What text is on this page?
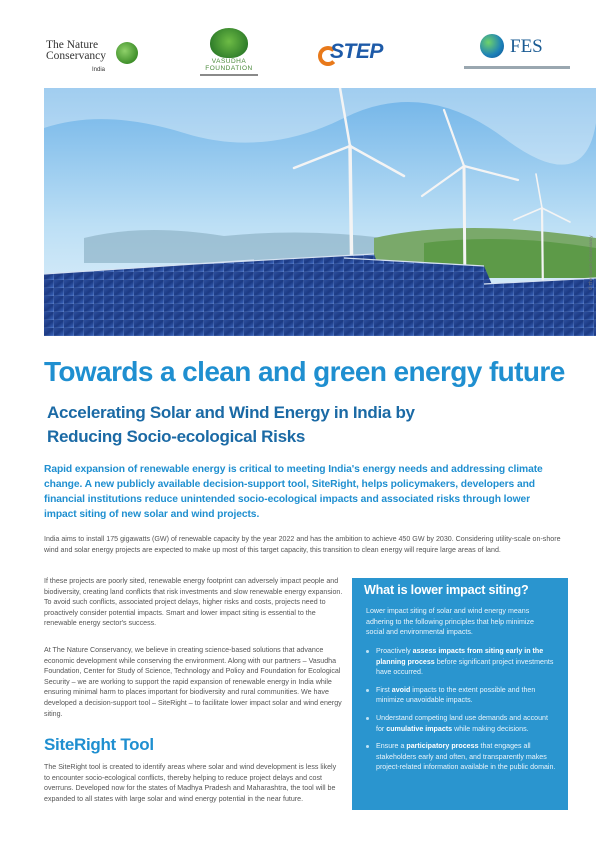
The Nature Conservancy
India
VASUDHA FOUNDATION
STEP	FES
© The Nature Conservancy
Towards a clean and green energy future
Accelerating Solar and Wind Energy in India by Reducing Socio-ecological Risks

Rapid expansion of renewable energy is critical to meeting India's energy needs and addressing climate change. A new publicly available decision-support tool, SiteRight, helps policymakers, developers and financial institutions reduce unintended socio-ecological impacts and associated risks through lower impact siting of new solar and wind projects.

India aims to install 175 gigawatts (GW) of renewable capacity by the year 2022 and has the ambition to achieve 450 GW by 2030. Considering utility-scale on-shore wind and solar energy projects are expected to make up most of this target capacity, this transition to clean energy will require large areas of land.

If these projects are poorly sited, renewable energy footprint can adversely impact people and biodiversity, creating land conflicts that risk investments and slow renewable energy expansion. To avoid such conflicts, associated project delays, higher risks and costs, projects need to proactively consider potential impacts. Smart and lower impact siting is essential to the renewable energy sector's success.

At The Nature Conservancy, we believe in creating science-based solutions that advance economic development while conserving the environment. Along with our partners – Vasudha Foundation, Center for Study of Science, Technology and Policy and Foundation for Ecological Security – we are working to support the rapid expansion of renewable energy in India while ensuring minimal harm to places important for biodiversity and rural communities. We have developed a decision-support tool – SiteRight – to facilitate lower impact solar and wind energy siting.

SiteRight Tool

The SiteRight tool is created to identify areas where solar and wind development is less likely to encounter socio-ecological conflicts, thereby helping to reduce project delays and cost overruns. Developed now for the states of Madhya Pradesh and Maharashtra, the tool will be expanded to all states with large solar and wind energy potential in the near future.

What is lower impact siting?

Lower impact siting of solar and wind energy means adhering to the following principles that help minimize social and environmental impacts.

Proactively assess impacts from siting early in the planning process before significant project investments have occurred.
First avoid impacts to the extent possible and then minimize unavoidable impacts.
Understand competing land use demands and account for cumulative impacts while making decisions.
Ensure a participatory process that engages all stakeholders early and often, and transparently makes project-related information available in the public domain.
